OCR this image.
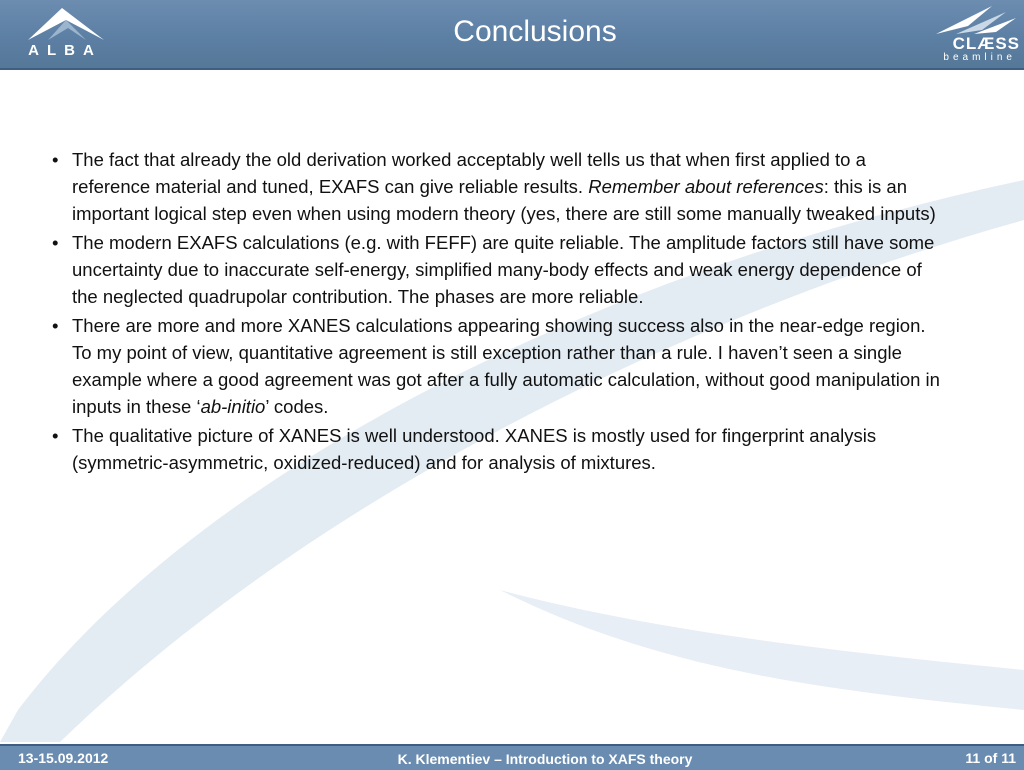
ALBA
Conclusions	CLÆSS
beamline
• The fact that already the old derivation worked acceptably well tells us that when first applied to a reference material and tuned, EXAFS can give reliable results. Remember about references: this is an important logical step even when using modern theory (yes, there are still some manually tweaked inputs)
• The modern EXAFS calculations (e.g. with FEFF) are quite reliable. The amplitude factors still have some uncertainty due to inaccurate self-energy, simplified many-body effects and weak energy dependence of the neglected quadrupolar contribution. The phases are more reliable.
• There are more and more XANES calculations appearing showing success also in the near-edge region. To my point of view, quantitative agreement is still exception rather than a rule. I haven’t seen a single example where a good agreement was got after a fully automatic calculation, without good manipulation in inputs in these ‘ab-initio’ codes.
• The qualitative picture of XANES is well understood. XANES is mostly used for fingerprint analysis (symmetric-asymmetric, oxidized-reduced) and for analysis of mixtures.
13-15.09.2012	K. Klementiev – Introduction to XAFS theory	11 of 11
